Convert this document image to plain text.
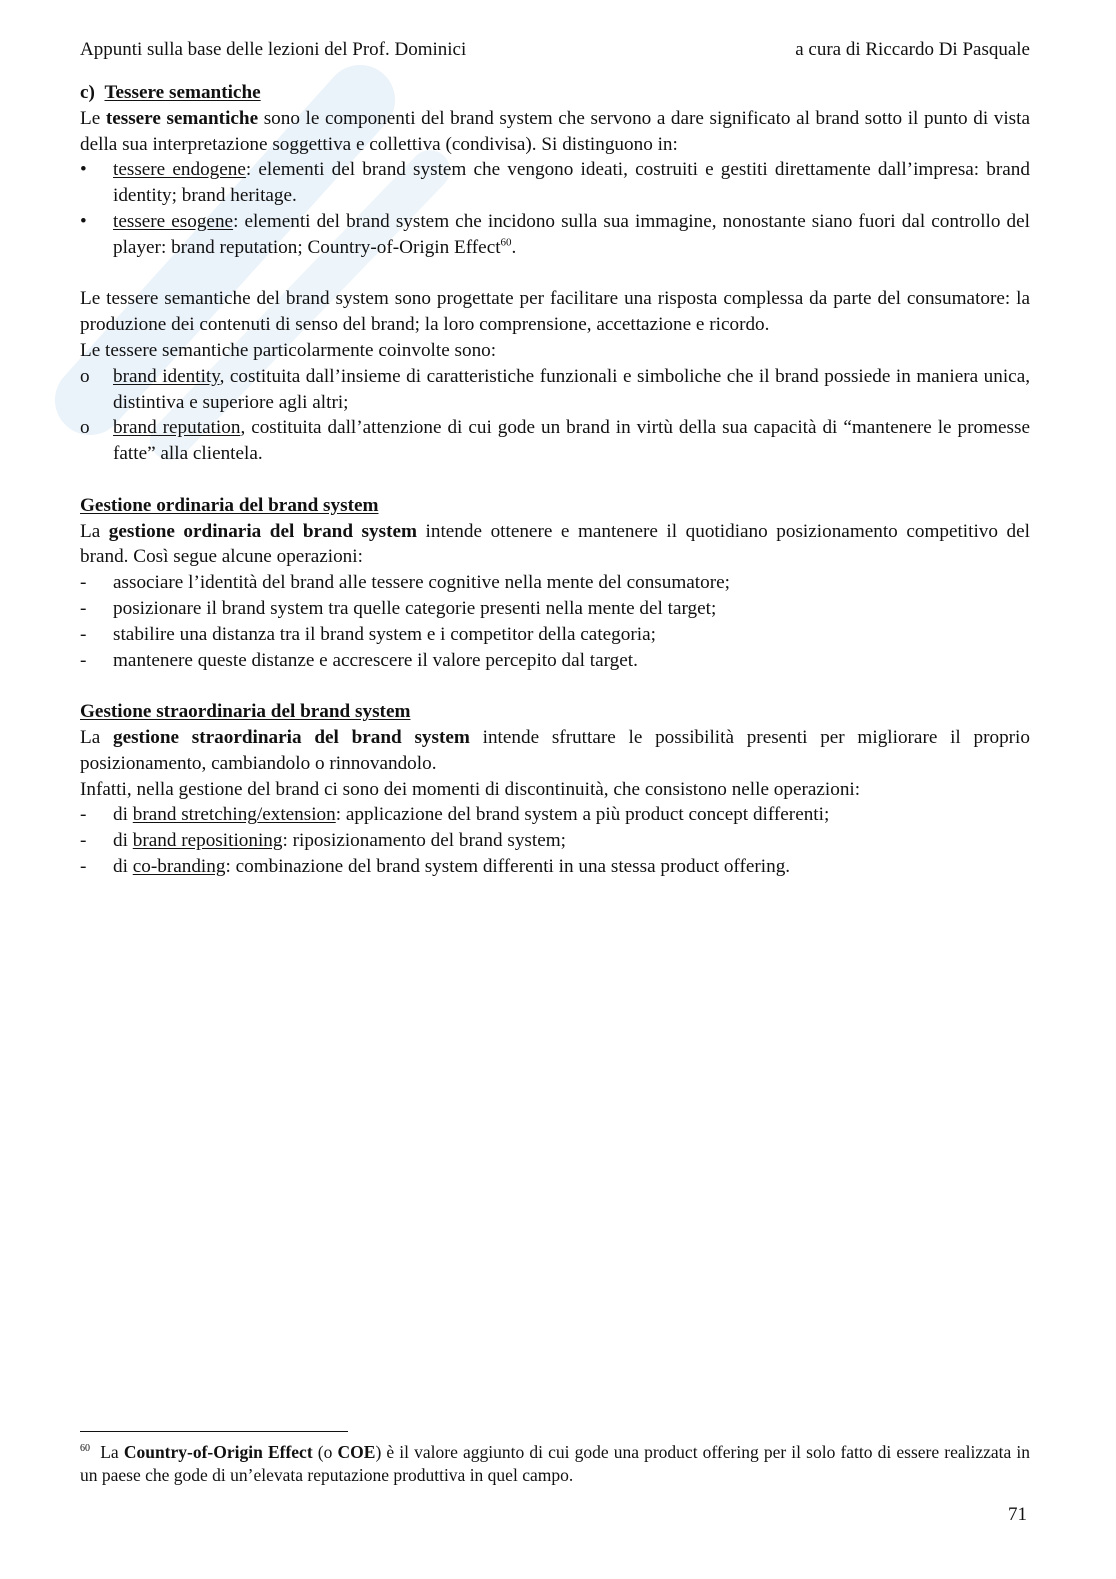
Appunti sulla base delle lezioni del Prof. Dominici	a cura di Riccardo Di Pasquale

c) Tessere semantiche

Le tessere semantiche sono le componenti del brand system che servono a dare significato al brand sotto il punto di vista della sua interpretazione soggettiva e collettiva (condivisa). Si distinguono in:

•	tessere endogene: elementi del brand system che vengono ideati, costruiti e gestiti direttamente dall’impresa: brand identity; brand heritage.
•	tessere esogene: elementi del brand system che incidono sulla sua immagine, nonostante siano fuori dal controllo del player: brand reputation; Country-of-Origin Effect$^{60}$.

Le tessere semantiche del brand system sono progettate per facilitare una risposta complessa da parte del consumatore: la produzione dei contenuti di senso del brand; la loro comprensione, accettazione e ricordo.

Le tessere semantiche particolarmente coinvolte sono:

o	brand identity, costituita dall’insieme di caratteristiche funzionali e simboliche che il brand possiede in maniera unica, distintiva e superiore agli altri;
o	brand reputation, costituita dall’attenzione di cui gode un brand in virtù della sua capacità di “mantenere le promesse fatte” alla clientela.

Gestione ordinaria del brand system

La gestione ordinaria del brand system intende ottenere e mantenere il quotidiano posizionamento competitivo del brand. Così segue alcune operazioni:

-	associare l’identità del brand alle tessere cognitive nella mente del consumatore;
-	posizionare il brand system tra quelle categorie presenti nella mente del target;
-	stabilire una distanza tra il brand system e i competitor della categoria;
-	mantenere queste distanze e accrescere il valore percepito dal target.

Gestione straordinaria del brand system

La gestione straordinaria del brand system intende sfruttare le possibilità presenti per migliorare il proprio posizionamento, cambiandolo o rinnovandolo.

Infatti, nella gestione del brand ci sono dei momenti di discontinuità, che consistono nelle operazioni:

-	di brand stretching/extension: applicazione del brand system a più product concept differenti;
-	di brand repositioning: riposizionamento del brand system;
-	di co-branding: combinazione del brand system differenti in una stessa product offering.
$^{60}$  La Country-of-Origin Effect (o COE) è il valore aggiunto di cui gode una product offering per il solo fatto di essere realizzata in un paese che gode di un’elevata reputazione produttiva in quel campo.
71
